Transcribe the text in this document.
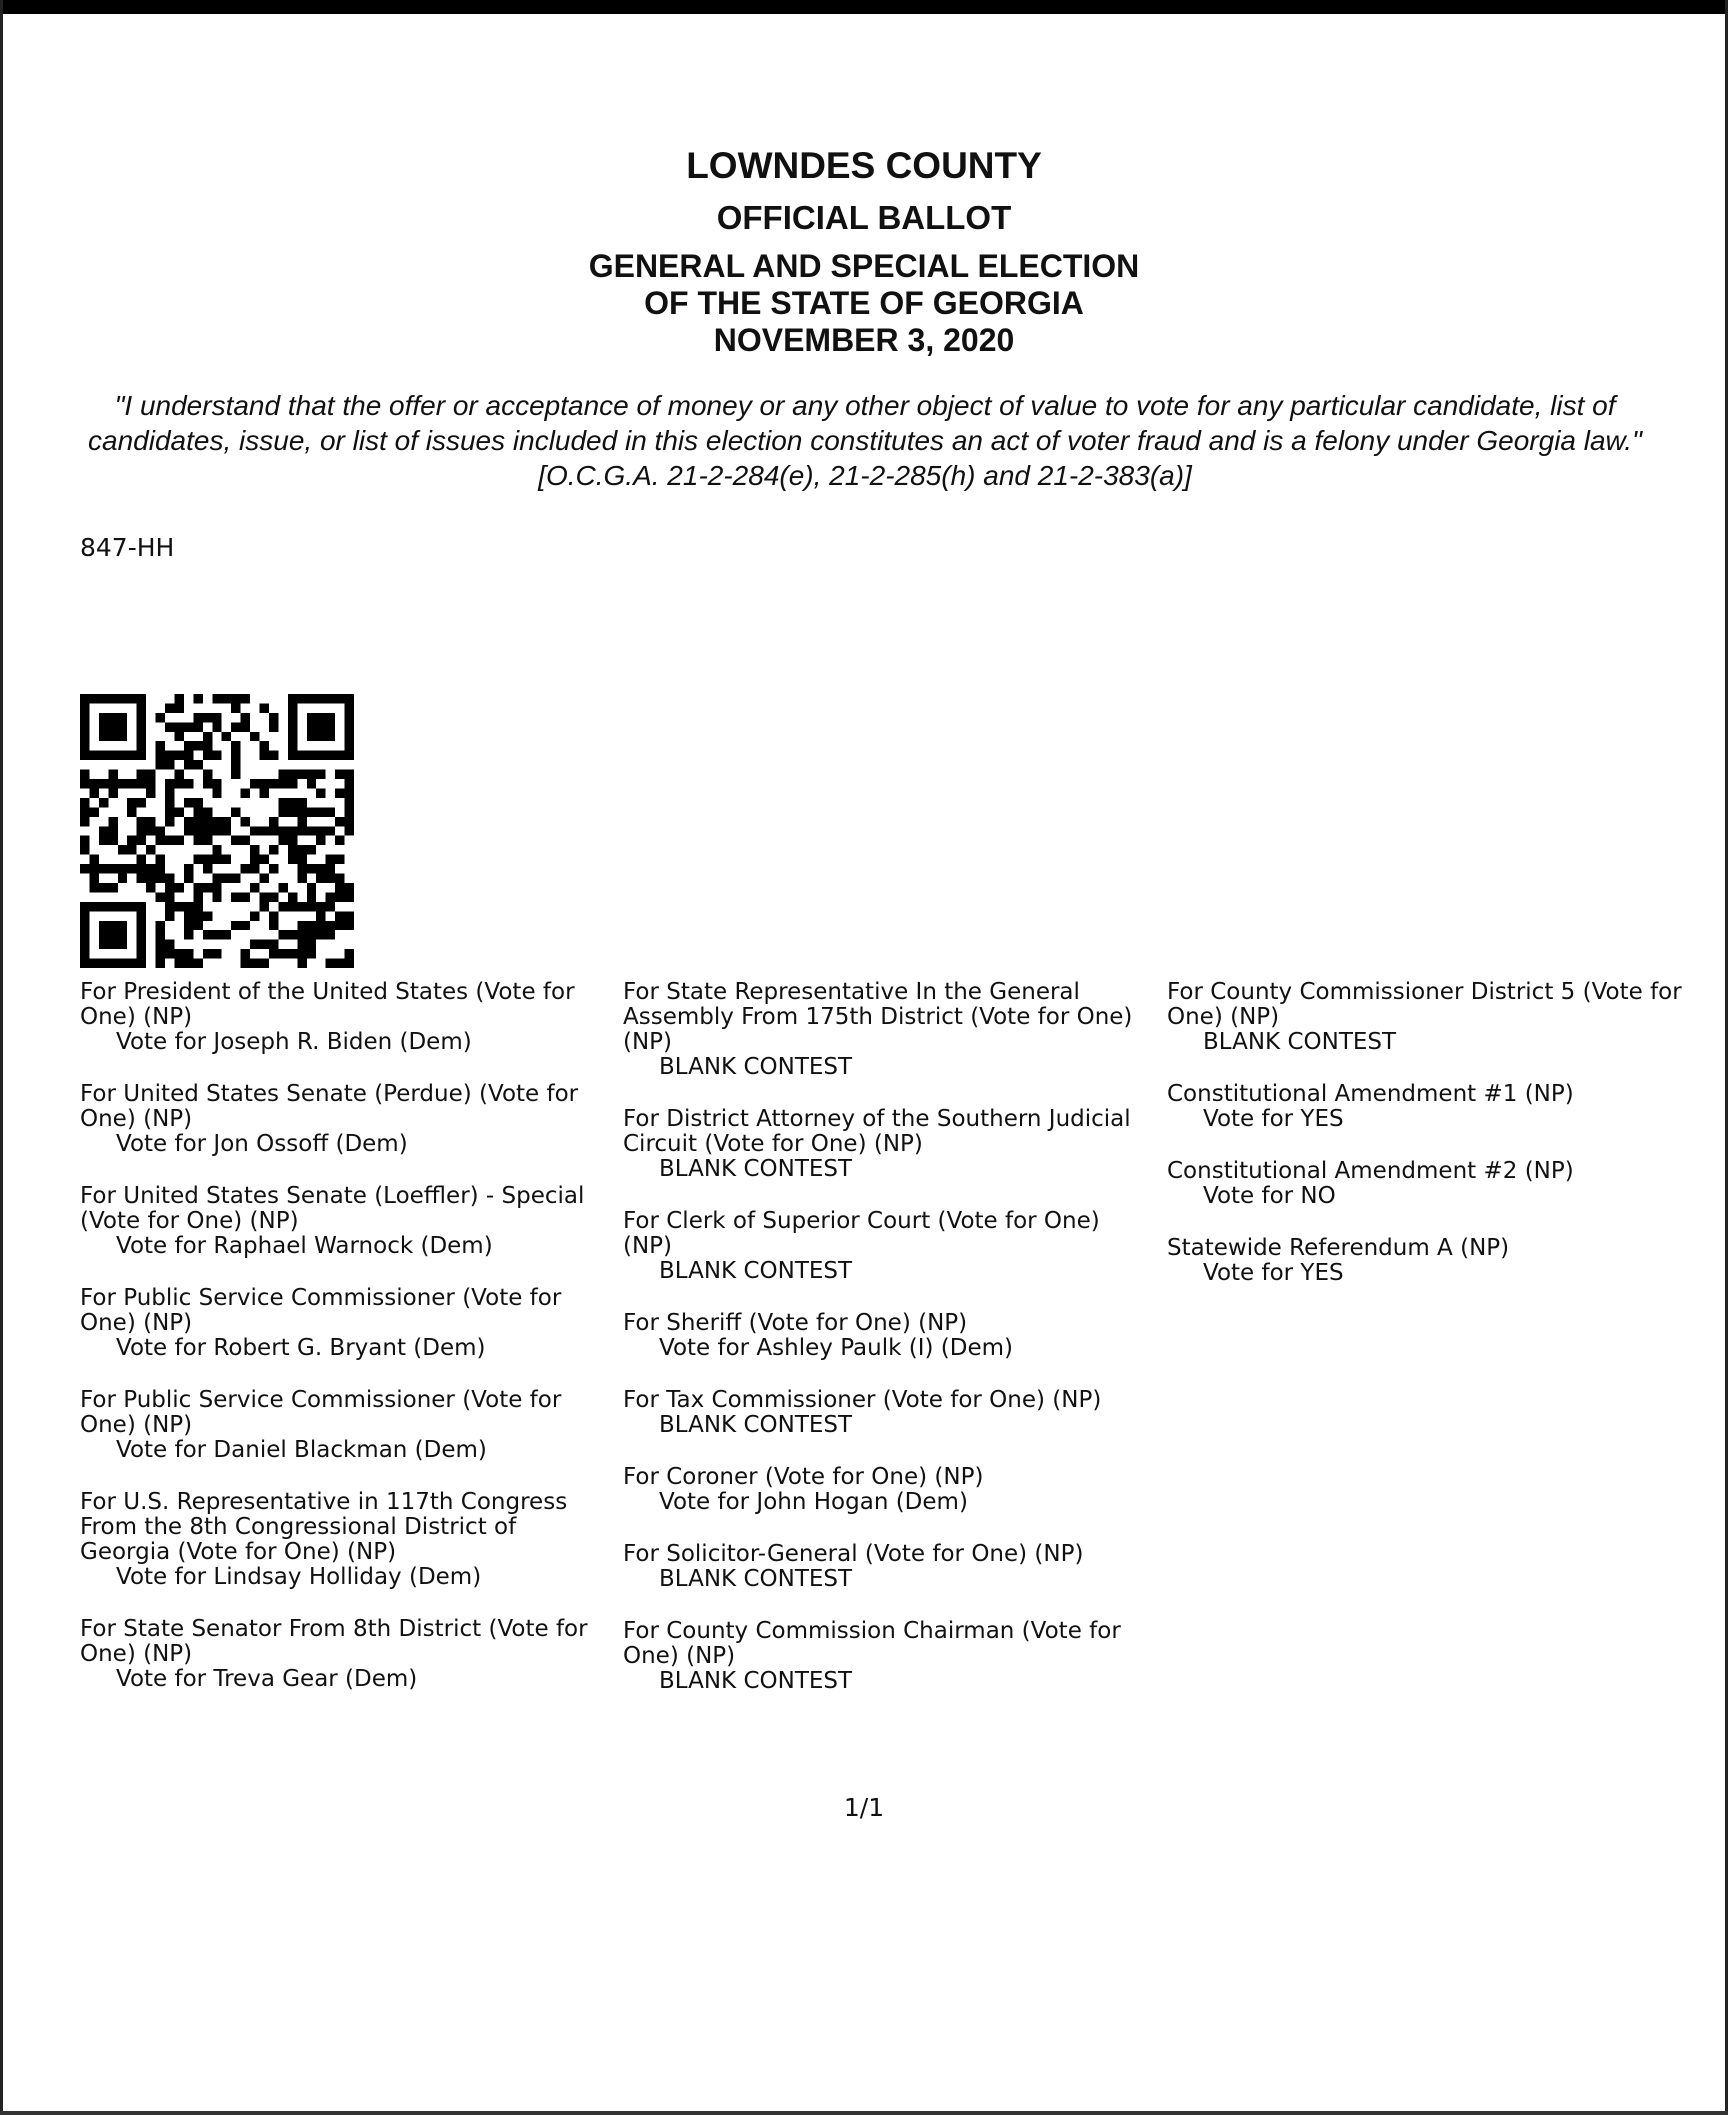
LOWNDES COUNTY
OFFICIAL BALLOT
GENERAL AND SPECIAL ELECTION
OF THE STATE OF GEORGIA
NOVEMBER 3, 2020
"I understand that the offer or acceptance of money or any other object of value to vote for any particular candidate, list of candidates, issue, or list of issues included in this election constitutes an act of voter fraud and is a felony under Georgia law." [O.C.G.A. 21-2-284(e), 21-2-285(h) and 21-2-383(a)]
847-HH
For President of the United States (Vote for One) (NP)
Vote for Joseph R. Biden (Dem)
For United States Senate (Perdue) (Vote for One) (NP)
Vote for Jon Ossoff (Dem)
For United States Senate (Loeffler) - Special (Vote for One) (NP)
Vote for Raphael Warnock (Dem)
For Public Service Commissioner (Vote for One) (NP)
Vote for Robert G. Bryant (Dem)
For Public Service Commissioner (Vote for One) (NP)
Vote for Daniel Blackman (Dem)
For U.S. Representative in 117th Congress From the 8th Congressional District of Georgia (Vote for One) (NP)
Vote for Lindsay Holliday (Dem)
For State Senator From 8th District (Vote for One) (NP)
Vote for Treva Gear (Dem)
For State Representative In the General Assembly From 175th District (Vote for One) (NP)
BLANK CONTEST
For District Attorney of the Southern Judicial Circuit (Vote for One) (NP)
BLANK CONTEST
For Clerk of Superior Court (Vote for One) (NP)
BLANK CONTEST
For Sheriff (Vote for One) (NP)
Vote for Ashley Paulk (I) (Dem)
For Tax Commissioner (Vote for One) (NP)
BLANK CONTEST
For Coroner (Vote for One) (NP)
Vote for John Hogan (Dem)
For Solicitor-General (Vote for One) (NP)
BLANK CONTEST
For County Commission Chairman (Vote for One) (NP)
BLANK CONTEST
For County Commissioner District 5 (Vote for One) (NP)
BLANK CONTEST
Constitutional Amendment #1 (NP)
Vote for YES
Constitutional Amendment #2 (NP)
Vote for NO
Statewide Referendum A (NP)
Vote for YES
1/1
